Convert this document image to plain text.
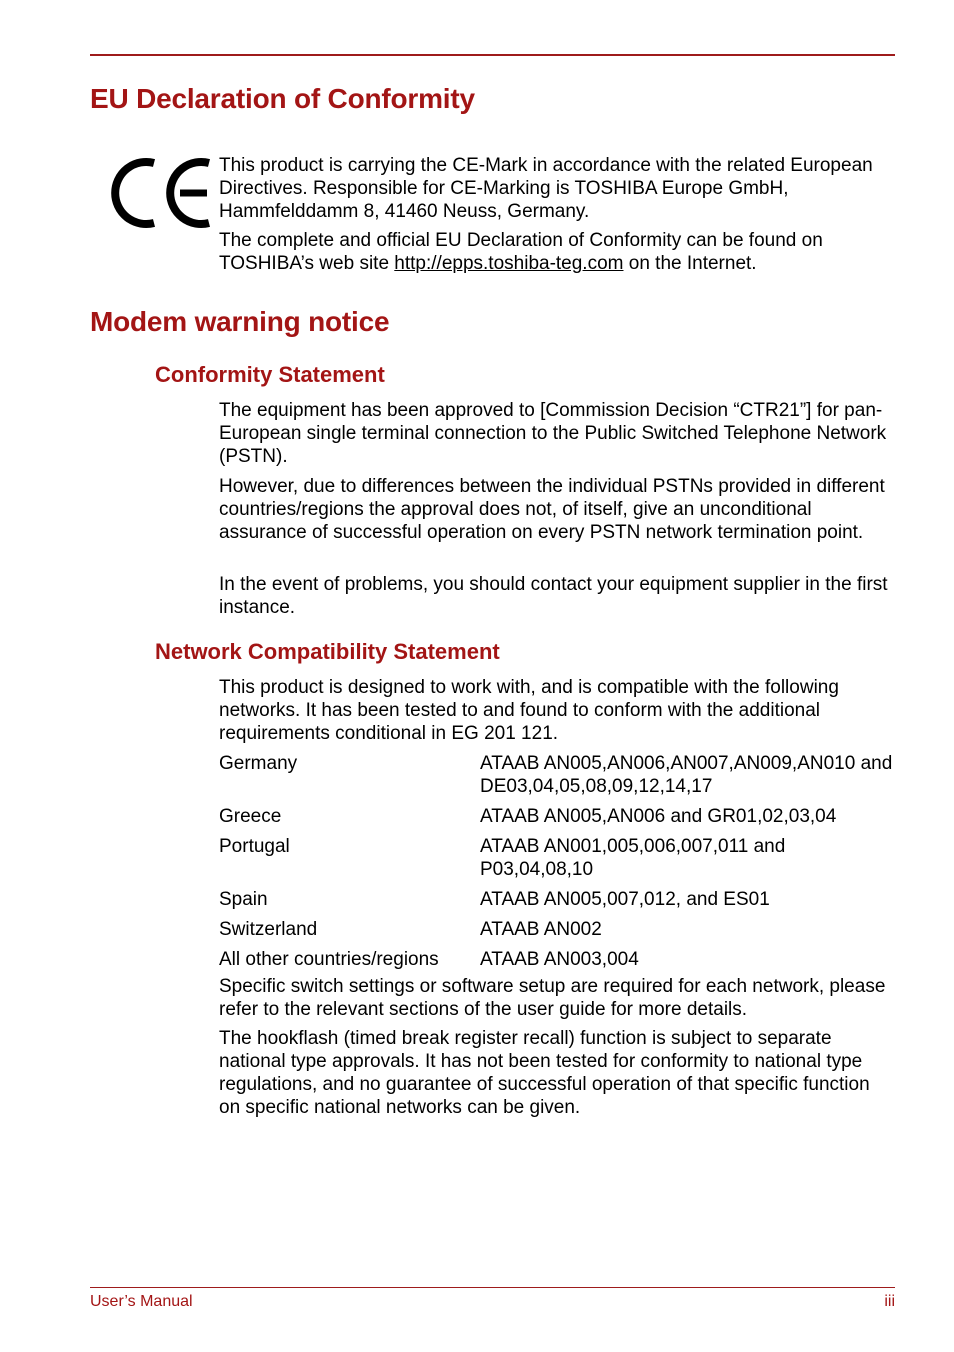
EU Declaration of Conformity

This product is carrying the CE-Mark in accordance with the related European Directives. Responsible for CE-Marking is TOSHIBA Europe GmbH, Hammfelddamm 8, 41460 Neuss, Germany.

The complete and official EU Declaration of Conformity can be found on TOSHIBA’s web site http://epps.toshiba-teg.com on the Internet.

Modem warning notice
Conformity Statement

The equipment has been approved to [Commission Decision “CTR21”] for pan-European single terminal connection to the Public Switched Telephone Network (PSTN).

However, due to differences between the individual PSTNs provided in different countries/regions the approval does not, of itself, give an unconditional assurance of successful operation on every PSTN network termination point.

In the event of problems, you should contact your equipment supplier in the first instance.

Network Compatibility Statement

This product is designed to work with, and is compatible with the following networks. It has been tested to and found to conform with the additional requirements conditional in EG 201 121.

Germany	ATAAB AN005,AN006,AN007,AN009,AN010 and DE03,04,05,08,09,12,14,17
Greece	ATAAB AN005,AN006 and GR01,02,03,04
Portugal	ATAAB AN001,005,006,007,011 and P03,04,08,10
Spain	ATAAB AN005,007,012, and ES01
Switzerland	ATAAB AN002
All other countries/regions	ATAAB AN003,004

Specific switch settings or software setup are required for each network, please refer to the relevant sections of the user guide for more details.

The hookflash (timed break register recall) function is subject to separate national type approvals. It has not been tested for conformity to national type regulations, and no guarantee of successful operation of that specific function on specific national networks can be given.

User’s Manual	iii
